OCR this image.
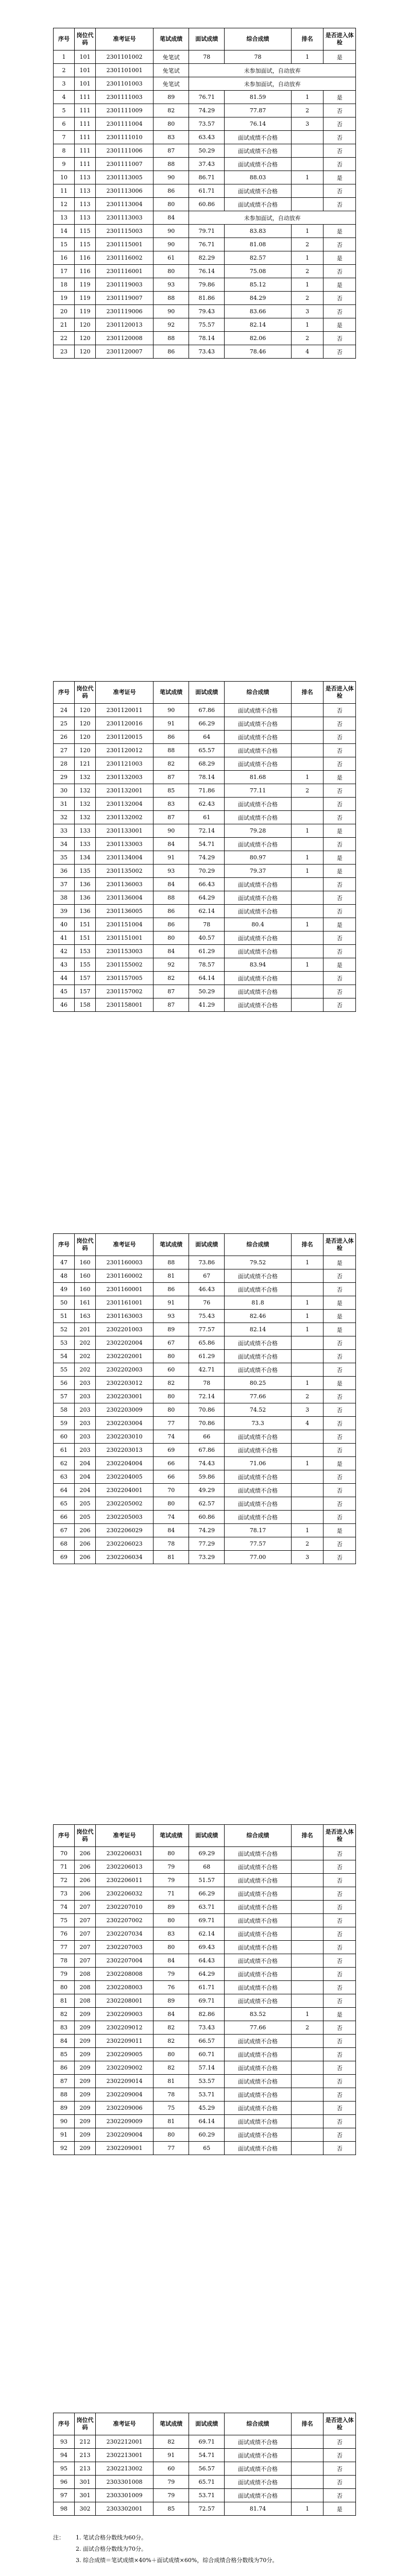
序号	岗位代码	准考证号	笔试成绩	面试成绩	综合成绩	排名	是否进入体检
1	101	2301101002	免笔试	78	78	1	是
2	101	2301101001	免笔试	未参加面试，自动放弃			
3	101	2301101003	免笔试	未参加面试，自动放弃			
4	111	2301111003	89	76.71	81.59	1	是
5	111	2301111009	82	74.29	77.87	2	否
6	111	2301111004	80	73.57	76.14	3	否
7	111	2301111010	83	63.43	面试成绩不合格		否
8	111	2301111006	87	50.29	面试成绩不合格		否
9	111	2301111007	88	37.43	面试成绩不合格		否
10	113	2301113005	90	86.71	88.03	1	是
11	113	2301113006	86	61.71	面试成绩不合格		否
12	113	2301113004	80	60.86	面试成绩不合格		否
13	113	2301113003	84	未参加面试，自动放弃			
14	115	2301115003	90	79.71	83.83	1	是
15	115	2301115001	90	76.71	81.08	2	否
16	116	2301116002	61	82.29	82.57	1	是
17	116	2301116001	80	76.14	75.08	2	否
18	119	2301119003	93	79.86	85.12	1	是
19	119	2301119007	88	81.86	84.29	2	否
20	119	2301119006	90	79.43	83.66	3	否
21	120	2301120013	92	75.57	82.14	1	是
22	120	2301120008	88	78.14	82.06	2	否
23	120	2301120007	86	73.43	78.46	4	否
序号	岗位代码	准考证号	笔试成绩	面试成绩	综合成绩	排名	是否进入体检
24	120	2301120011	90	67.86	面试成绩不合格		否
25	120	2301120016	91	66.29	面试成绩不合格		否
26	120	2301120015	86	64	面试成绩不合格		否
27	120	2301120012	88	65.57	面试成绩不合格		否
28	121	2301121003	82	68.29	面试成绩不合格		否
29	132	2301132003	87	78.14	81.68	1	是
30	132	2301132001	85	71.86	77.11	2	否
31	132	2301132004	83	62.43	面试成绩不合格		否
32	132	2301132002	87	61	面试成绩不合格		否
33	133	2301133001	90	72.14	79.28	1	是
34	133	2301133003	84	54.71	面试成绩不合格		否
35	134	2301134004	91	74.29	80.97	1	是
36	135	2301135002	93	70.29	79.37	1	是
37	136	2301136003	84	66.43	面试成绩不合格		否
38	136	2301136004	88	64.29	面试成绩不合格		否
39	136	2301136005	86	62.14	面试成绩不合格		否
40	151	2301151004	86	78	80.4	1	是
41	151	2301151001	80	40.57	面试成绩不合格		否
42	153	2301153003	84	61.29	面试成绩不合格		否
43	155	2301155002	92	78.57	83.94	1	是
44	157	2301157005	82	64.14	面试成绩不合格		否
45	157	2301157002	87	50.29	面试成绩不合格		否
46	158	2301158001	87	41.29	面试成绩不合格		否
序号	岗位代码	准考证号	笔试成绩	面试成绩	综合成绩	排名	是否进入体检
47	160	2301160003	88	73.86	79.52	1	是
48	160	2301160002	81	67	面试成绩不合格		否
49	160	2301160001	86	46.43	面试成绩不合格		否
50	161	2301161001	91	76	81.8	1	是
51	163	2301163003	93	75.43	82.46	1	是
52	201	2302201003	89	77.57	82.14	1	是
53	202	2302202004	67	65.86	面试成绩不合格		否
54	202	2302202001	80	61.29	面试成绩不合格		否
55	202	2302202003	60	42.71	面试成绩不合格		否
56	203	2302203012	82	78	80.25	1	是
57	203	2302203001	80	72.14	77.66	2	否
58	203	2302203009	80	70.86	74.52	3	否
59	203	2302203004	77	70.86	73.3	4	否
60	203	2302203010	74	66	面试成绩不合格		否
61	203	2302203013	69	67.86	面试成绩不合格		否
62	204	2302204004	66	74.43	71.06	1	是
63	204	2302204005	66	59.86	面试成绩不合格		否
64	204	2302204001	70	49.29	面试成绩不合格		否
65	205	2302205002	80	62.57	面试成绩不合格		否
66	205	2302205003	74	60.86	面试成绩不合格		否
67	206	2302206029	84	74.29	78.17	1	是
68	206	2302206023	78	77.29	77.57	2	否
69	206	2302206034	81	73.29	77.00	3	否
序号	岗位代码	准考证号	笔试成绩	面试成绩	综合成绩	排名	是否进入体检
70	206	2302206031	80	69.29	面试成绩不合格		否
71	206	2302206013	79	68	面试成绩不合格		否
72	206	2302206011	79	51.57	面试成绩不合格		否
73	206	2302206032	71	66.29	面试成绩不合格		否
74	207	2302207010	89	63.71	面试成绩不合格		否
75	207	2302207002	80	69.71	面试成绩不合格		否
76	207	2302207034	83	62.14	面试成绩不合格		否
77	207	2302207003	80	69.43	面试成绩不合格		否
78	207	2302207004	84	64.43	面试成绩不合格		否
79	208	2302208008	79	64.29	面试成绩不合格		否
80	208	2302208003	76	61.71	面试成绩不合格		否
81	208	2302208001	89	69.71	面试成绩不合格		否
82	209	2302209003	84	82.86	83.52	1	是
83	209	2302209012	82	73.43	77.66	2	否
84	209	2302209011	82	66.57	面试成绩不合格		否
85	209	2302209005	80	60.71	面试成绩不合格		否
86	209	2302209002	82	57.14	面试成绩不合格		否
87	209	2302209014	81	53.57	面试成绩不合格		否
88	209	2302209004	78	53.71	面试成绩不合格		否
89	209	2302209006	75	45.29	面试成绩不合格		否
90	209	2302209009	81	64.14	面试成绩不合格		否
91	209	2302209004	80	60.29	面试成绩不合格		否
92	209	2302209001	77	65	面试成绩不合格		否
序号	岗位代码	准考证号	笔试成绩	面试成绩	综合成绩	排名	是否进入体检
93	212	2302212001	82	69.71	面试成绩不合格		否
94	213	2302213001	91	54.71	面试成绩不合格		否
95	213	2302213002	60	56.57	面试成绩不合格		否
96	301	2303301008	79	65.71	面试成绩不合格		否
97	301	2303301009	79	53.71	面试成绩不合格		否
98	302	2303302001	85	72.57	81.74	1	是
注： 1. 笔试合格分数线为60分。
2. 面试合格分数线为70分。
3. 综合成绩＝笔试成绩×40%＋面试成绩×60%，综合成绩合格分数线为70分。
